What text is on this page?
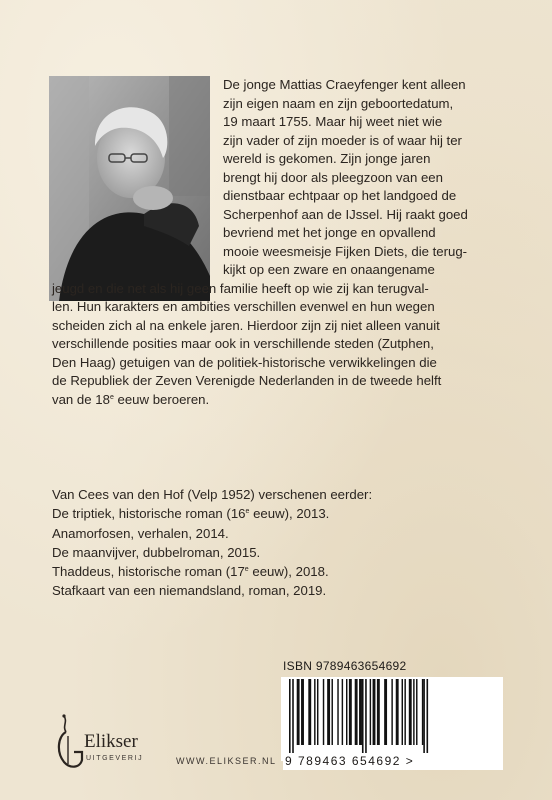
De jonge Mattias Craeyfenger kent alleen
zijn eigen naam en zijn geboortedatum,
19 maart 1755. Maar hij weet niet wie
zijn vader of zijn moeder is of waar hij ter
wereld is gekomen. Zijn jonge jaren
brengt hij door als pleegzoon van een
dienstbaar echtpaar op het landgoed de
Scherpenhof aan de IJssel. Hij raakt goed
bevriend met het jonge en opvallend
mooie weesmeisje Fijken Diets, die terug-
kijkt op een zware en onaangename
jeugd en die net als hij geen familie heeft op wie zij kan terugval-
len. Hun karakters en ambities verschillen evenwel en hun wegen
scheiden zich al na enkele jaren. Hierdoor zijn zij niet alleen vanuit
verschillende posities maar ook in verschillende steden (Zutphen,
Den Haag) getuigen van de politiek-historische verwikkelingen die
de Republiek der Zeven Verenigde Nederlanden in de tweede helft
van de 18e eeuw beroeren.
Van Cees van den Hof (Velp 1952) verschenen eerder:
De triptiek, historische roman (16e eeuw), 2013.
Anamorfosen, verhalen, 2014.
De maanvijver, dubbelroman, 2015.
Thaddeus, historische roman (17e eeuw), 2018.
Stafkaart van een niemandsland, roman, 2019.
ISBN 9789463654692
9 789463 654692 >
Elikser
UITGEVERIJ	WWW.ELIKSER.NL
